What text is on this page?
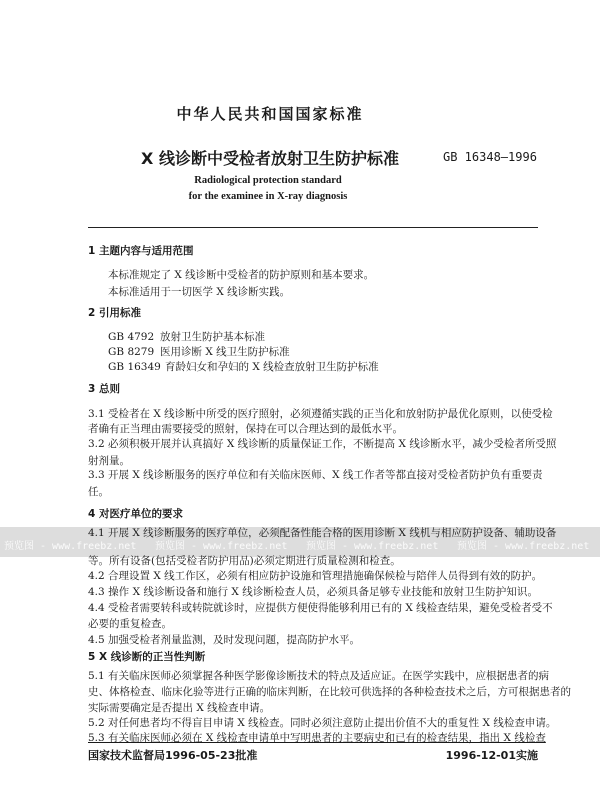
中华人民共和国国家标准
X 线诊断中受检者放射卫生防护标准	GB 16348—1996
Radiological protection standard
for the examinee in X-ray diagnosis
1 主题内容与适用范围
本标准规定了 X 线诊断中受检者的防护原则和基本要求。
本标准适用于一切医学 X 线诊断实践。
2 引用标准
GB 4792 放射卫生防护基本标准
GB 8279 医用诊断 X 线卫生防护标准
GB 16349 育龄妇女和孕妇的 X 线检查放射卫生防护标准
3 总则
3.1 受检者在 X 线诊断中所受的医疗照射，必须遵循实践的正当化和放射防护最优化原则，以使受检
者确有正当理由需要接受的照射，保持在可以合理达到的最低水平。
3.2 必须积极开展并认真搞好 X 线诊断的质量保证工作，不断提高 X 线诊断水平，减少受检者所受照
射剂量。
3.3 开展 X 线诊断服务的医疗单位和有关临床医师、X 线工作者等都直接对受检者防护负有重要责
任。
4 对医疗单位的要求
4.1 开展 X 线诊断服务的医疗单位，必须配备性能合格的医用诊断 X 线机与相应防护设备、辅助设备
等。所有设备(包括受检者防护用品)必须定期进行质量检测和检查。
4.2 合理设置 X 线工作区，必须有相应防护设施和管理措施确保候检与陪伴人员得到有效的防护。
4.3 操作 X 线诊断设备和施行 X 线诊断检查人员，必须具备足够专业技能和放射卫生防护知识。
4.4 受检者需要转科或转院就诊时，应提供方便使得能够利用已有的 X 线检查结果，避免受检者受不
必要的重复检查。
4.5 加强受检者剂量监测，及时发现问题，提高防护水平。
5 X 线诊断的正当性判断
5.1 有关临床医师必须掌握各种医学影像诊断技术的特点及适应证。在医学实践中，应根据患者的病
史、体格检查、临床化验等进行正确的临床判断，在比较可供选择的各种检查技术之后，方可根据患者的
实际需要确定是否提出 X 线检查申请。
5.2 对任何患者均不得盲目申请 X 线检查。同时必须注意防止提出价值不大的重复性 X 线检查申请。
5.3 有关临床医师必须在 X 线检查申请单中写明患者的主要病史和已有的检查结果，指出 X 线检查
国家技术监督局1996-05-23批准	1996-12-01实施
预览图 - www.freebz.net 预览图 - www.freebz.net 预览图 - www.freebz.net 预览图 - www.freebz.net
